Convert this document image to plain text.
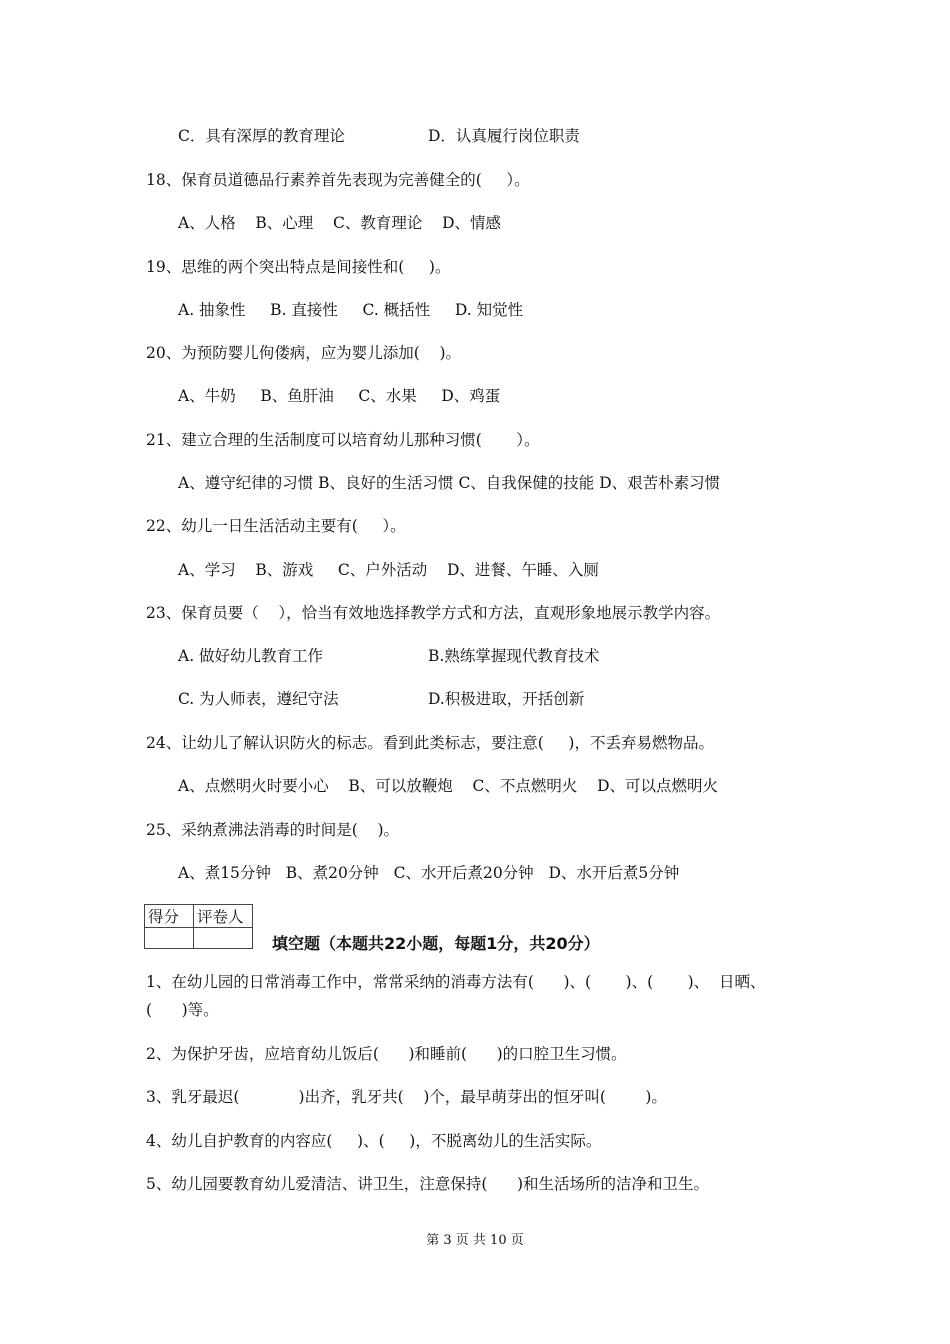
C．具有深厚的教育理论	D．认真履行岗位职责
18、保育员道德品行素养首先表现为完善健全的(     ）。
A、人格    B、心理    C、教育理论    D、情感
19、思维的两个突出特点是间接性和(     )。
A. 抽象性     B. 直接性     C. 概括性     D. 知觉性
20、为预防婴儿佝偻病，应为婴儿添加(    )。
A、牛奶     B、鱼肝油     C、水果     D、鸡蛋
21、建立合理的生活制度可以培育幼儿那种习惯(       ）。
A、遵守纪律的习惯 B、良好的生活习惯 C、自我保健的技能 D、艰苦朴素习惯
22、幼儿一日生活活动主要有(     ）。
A、学习    B、游戏     C、户外活动    D、进餐、午睡、入厕
23、保育员要（    ），恰当有效地选择教学方式和方法，直观形象地展示教学内容。
A. 做好幼儿教育工作	B.熟练掌握现代教育技术
C. 为人师表，遵纪守法	D.积极进取，开括创新
24、让幼儿了解认识防火的标志。看到此类标志，要注意(     )，不丢弃易燃物品。
A、点燃明火时要小心    B、可以放鞭炮    C、不点燃明火    D、可以点燃明火
25、采纳煮沸法消毒的时间是(    )。
A、煮15分钟   B、煮20分钟   C、水开后煮20分钟   D、水开后煮5分钟
得分	评卷人

填空题（本题共22小题，每题1分，共20分）
1、在幼儿园的日常消毒工作中，常常采纳的消毒方法有(      )、(       )、(       )、  日晒、
(      )等。
2、为保护牙齿，应培育幼儿饭后(      )和睡前(      )的口腔卫生习惯。
3、乳牙最迟(            )出齐，乳牙共(    )个，最早萌芽出的恒牙叫(        )。
4、幼儿自护教育的内容应(     )、(     )，不脱离幼儿的生活实际。
5、幼儿园要教育幼儿爱清洁、讲卫生，注意保持(      )和生活场所的洁净和卫生。
第 3 页 共 10 页
